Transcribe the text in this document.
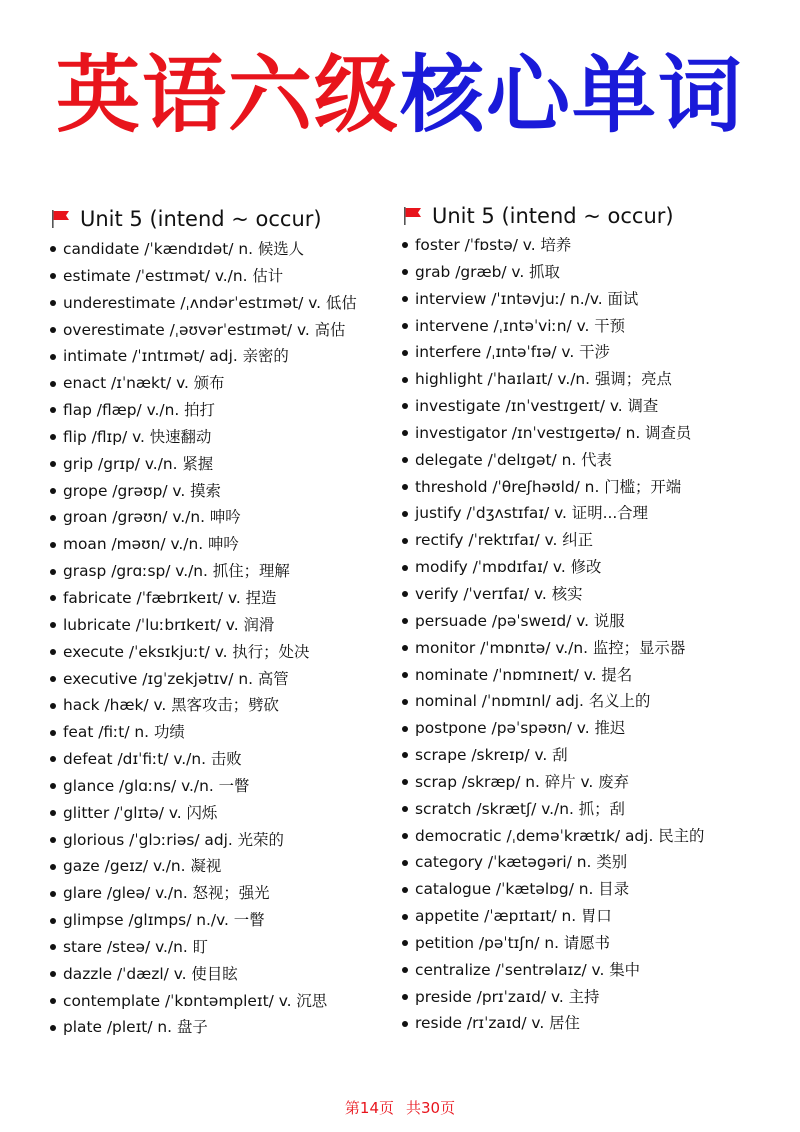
英语六级核心单词
Unit 5 (intend ~ occur)
candidate /ˈkændɪdət/ n. 候选人
estimate /ˈestɪmət/ v./n. 估计
underestimate /ˌʌndərˈestɪmət/ v. 低估
overestimate /ˌəʊvərˈestɪmət/ v. 高估
intimate /ˈɪntɪmət/ adj. 亲密的
enact /ɪˈnækt/ v. 颁布
flap /flæp/ v./n. 拍打
flip /flɪp/ v. 快速翻动
grip /grɪp/ v./n. 紧握
grope /grəʊp/ v. 摸索
groan /grəʊn/ v./n. 呻吟
moan /məʊn/ v./n. 呻吟
grasp /grɑːsp/ v./n. 抓住；理解
fabricate /ˈfæbrɪkeɪt/ v. 捏造
lubricate /ˈluːbrɪkeɪt/ v. 润滑
execute /ˈeksɪkjuːt/ v. 执行；处决
executive /ɪɡˈzekjətɪv/ n. 高管
hack /hæk/ v. 黑客攻击；劈砍
feat /fiːt/ n. 功绩
defeat /dɪˈfiːt/ v./n. 击败
glance /glɑːns/ v./n. 一瞥
glitter /ˈglɪtə/ v. 闪烁
glorious /ˈglɔːriəs/ adj. 光荣的
gaze /geɪz/ v./n. 凝视
glare /gleə/ v./n. 怒视；强光
glimpse /glɪmps/ n./v. 一瞥
stare /steə/ v./n. 盯
dazzle /ˈdæzl/ v. 使目眩
contemplate /ˈkɒntəmpleɪt/ v. 沉思
plate /pleɪt/ n. 盘子
Unit 5 (intend ~ occur)
foster /ˈfɒstə/ v. 培养
grab /græb/ v. 抓取
interview /ˈɪntəvjuː/ n./v. 面试
intervene /ˌɪntəˈviːn/ v. 干预
interfere /ˌɪntəˈfɪə/ v. 干涉
highlight /ˈhaɪlaɪt/ v./n. 强调；亮点
investigate /ɪnˈvestɪgeɪt/ v. 调查
investigator /ɪnˈvestɪgeɪtə/ n. 调查员
delegate /ˈdelɪgət/ n. 代表
threshold /ˈθreʃhəʊld/ n. 门槛；开端
justify /ˈdʒʌstɪfaɪ/ v. 证明...合理
rectify /ˈrektɪfaɪ/ v. 纠正
modify /ˈmɒdɪfaɪ/ v. 修改
verify /ˈverɪfaɪ/ v. 核实
persuade /pəˈsweɪd/ v. 说服
monitor /ˈmɒnɪtə/ v./n. 监控；显示器
nominate /ˈnɒmɪneɪt/ v. 提名
nominal /ˈnɒmɪnl/ adj. 名义上的
postpone /pəˈspəʊn/ v. 推迟
scrape /skreɪp/ v. 刮
scrap /skræp/ n. 碎片 v. 废弃
scratch /skrætʃ/ v./n. 抓；刮
democratic /ˌdeməˈkrætɪk/ adj. 民主的
category /ˈkætəgəri/ n. 类别
catalogue /ˈkætəlɒg/ n. 目录
appetite /ˈæpɪtaɪt/ n. 胃口
petition /pəˈtɪʃn/ n. 请愿书
centralize /ˈsentrəlaɪz/ v. 集中
preside /prɪˈzaɪd/ v. 主持
reside /rɪˈzaɪd/ v. 居住
第14页 共30页
